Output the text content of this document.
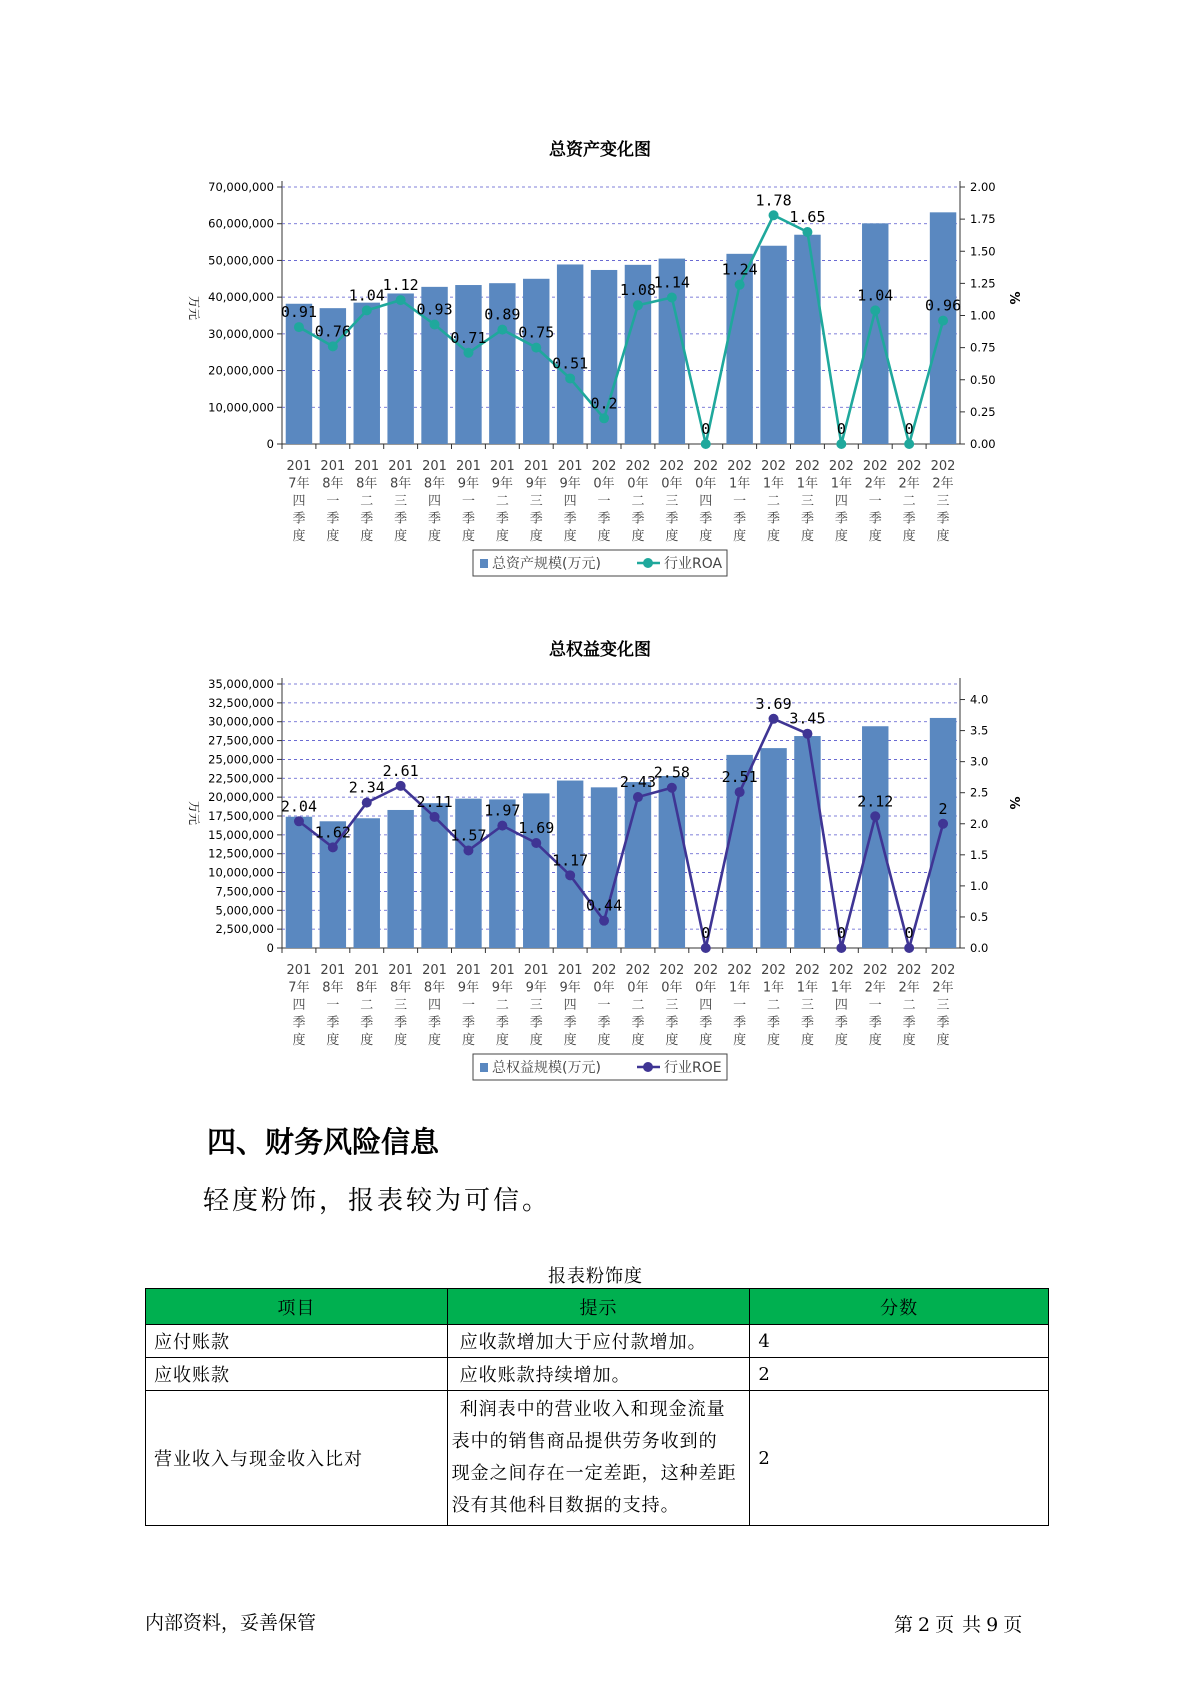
总资产变化图
0
10,000,000
20,000,000
30,000,000
40,000,000
50,000,000
60,000,000
70,000,000
0.00
0.25
0.50
0.75
1.00
1.25
1.50
1.75
2.00
万元	%
0.91
0.76
1.04
1.12
0.93
0.71
0.89
0.75
0.51
0.2
1.08
1.14
0
1.24
1.78
1.65
0
1.04
0
0.96
201
7年
四
季
度
201
8年
一
季
度
201
8年
二
季
度
201
8年
三
季
度
201
8年
四
季
度
201
9年
一
季
度
201
9年
二
季
度
201
9年
三
季
度
201
9年
四
季
度
202
0年
一
季
度
202
0年
二
季
度
202
0年
三
季
度
202
0年
四
季
度
202
1年
一
季
度
202
1年
二
季
度
202
1年
三
季
度
202
1年
四
季
度
202
2年
一
季
度
202
2年
二
季
度
202
2年
三
季
度
总资产规模(万元)	行业ROA
总权益变化图
0
2,500,000
5,000,000
7,500,000
10,000,000
12,500,000
15,000,000
17,500,000
20,000,000
22,500,000
25,000,000
27,500,000
30,000,000
32,500,000
35,000,000
0.0
0.5
1.0
1.5
2.0
2.5
3.0
3.5
4.0
万元	%
2.04
1.62
2.34
2.61
2.11
1.57
1.97
1.69
1.17
0.44
2.43
2.58
0
2.51
3.69
3.45
0
2.12
0
2
201
7年
四
季
度
201
8年
一
季
度
201
8年
二
季
度
201
8年
三
季
度
201
8年
四
季
度
201
9年
一
季
度
201
9年
二
季
度
201
9年
三
季
度
201
9年
四
季
度
202
0年
一
季
度
202
0年
二
季
度
202
0年
三
季
度
202
0年
四
季
度
202
1年
一
季
度
202
1年
二
季
度
202
1年
三
季
度
202
1年
四
季
度
202
2年
一
季
度
202
2年
二
季
度
202
2年
三
季
度
总权益规模(万元)	行业ROE
四、财务风险信息

轻度粉饰，报表较为可信。

报表粉饰度
项目	提示	分数
应付账款	应收款增加大于应付款增加。	4
应收账款	应收账款持续增加。	2
营业收入与现金收入比对	利润表中的营业收入和现金流量
表中的销售商品提供劳务收到的
现金之间存在一定差距，这种差距
没有其他科目数据的支持。	2
内部资料，妥善保管	第 2 页 共 9 页
